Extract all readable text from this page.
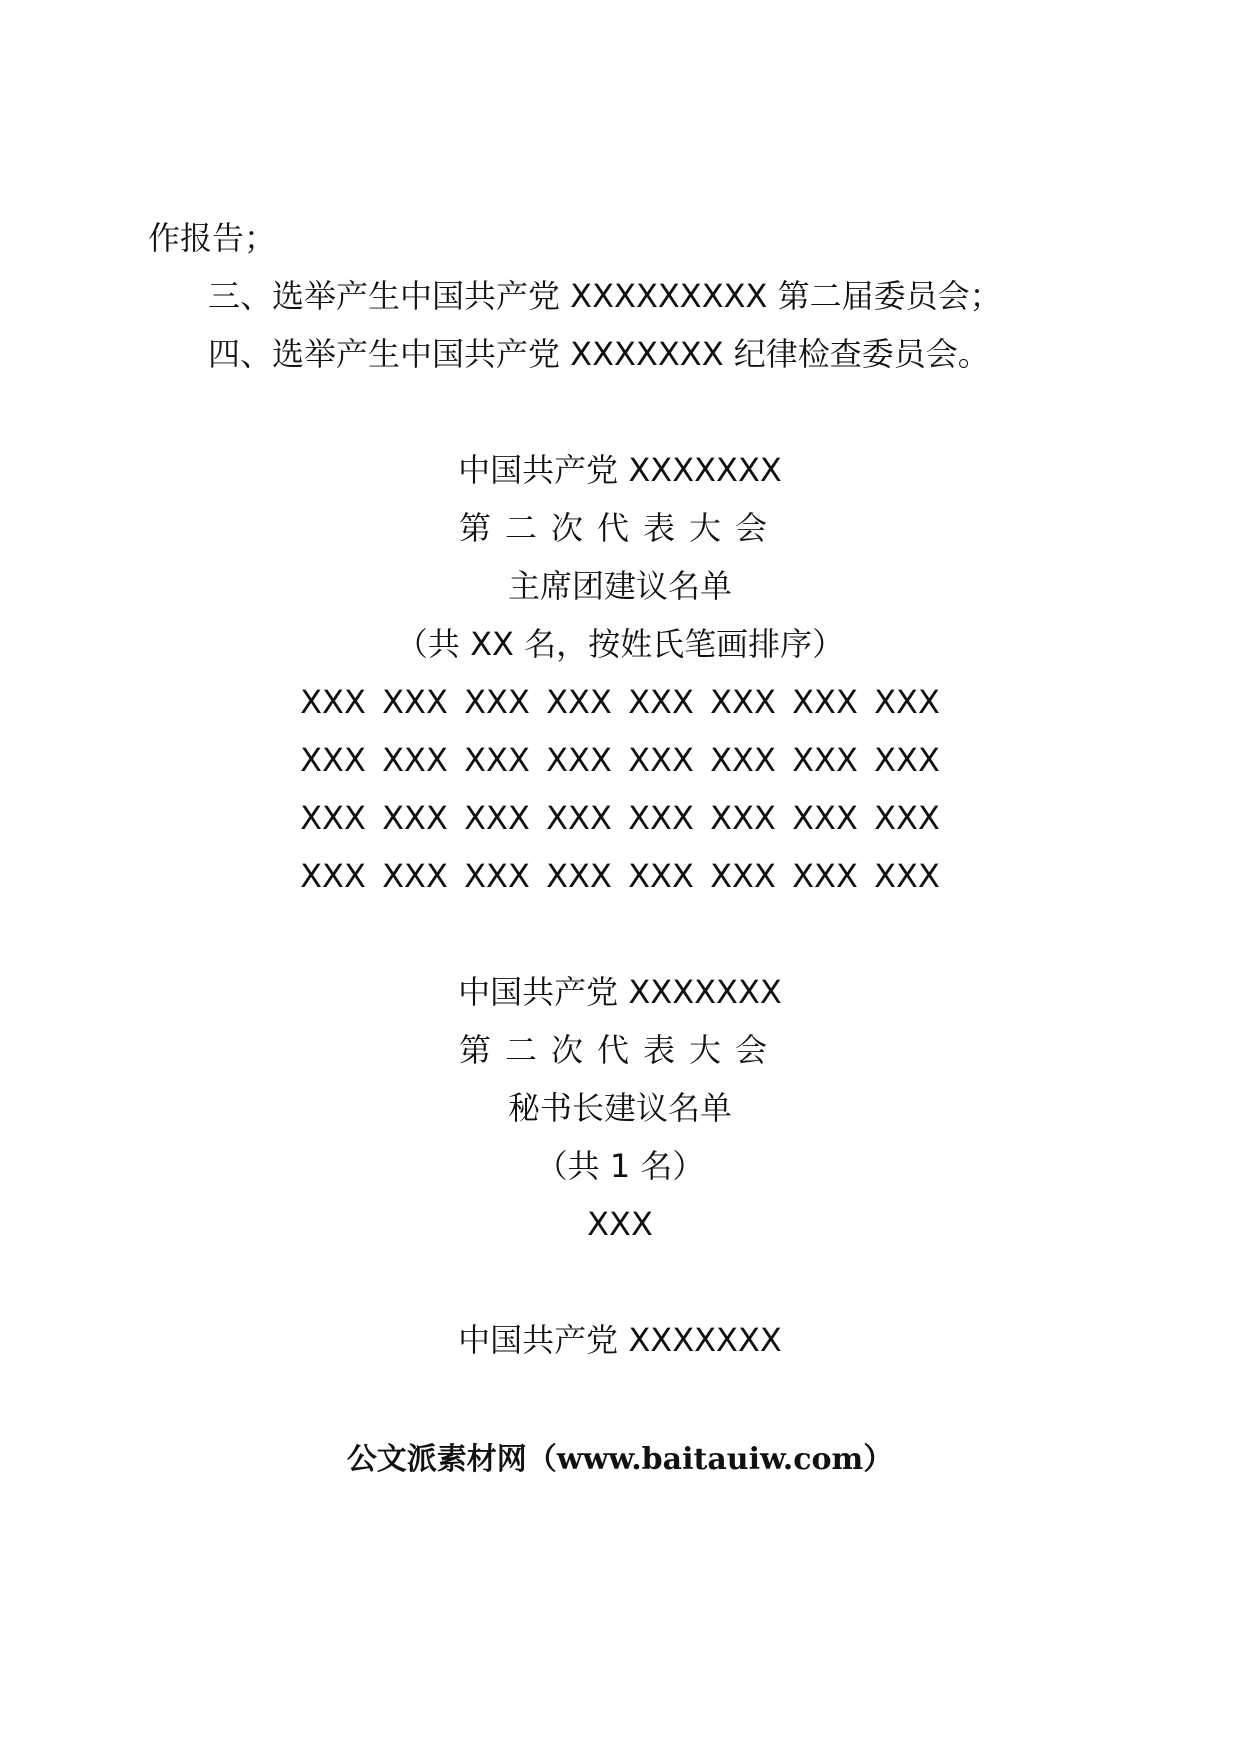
作报告；
三、选举产生中国共产党 XXXXXXXXX 第二届委员会；
四、选举产生中国共产党 XXXXXXX 纪律检查委员会。
中国共产党 XXXXXXX
第二次代表大会
主席团建议名单
（共 XX 名，按姓氏笔画排序）
XXX XXX XXX XXX XXX XXX XXX XXX
XXX XXX XXX XXX XXX XXX XXX XXX
XXX XXX XXX XXX XXX XXX XXX XXX
XXX XXX XXX XXX XXX XXX XXX XXX
中国共产党 XXXXXXX
第二次代表大会
秘书长建议名单
（共 1 名）
XXX
中国共产党 XXXXXXX
公文派素材网（www.baitauiw.com）
